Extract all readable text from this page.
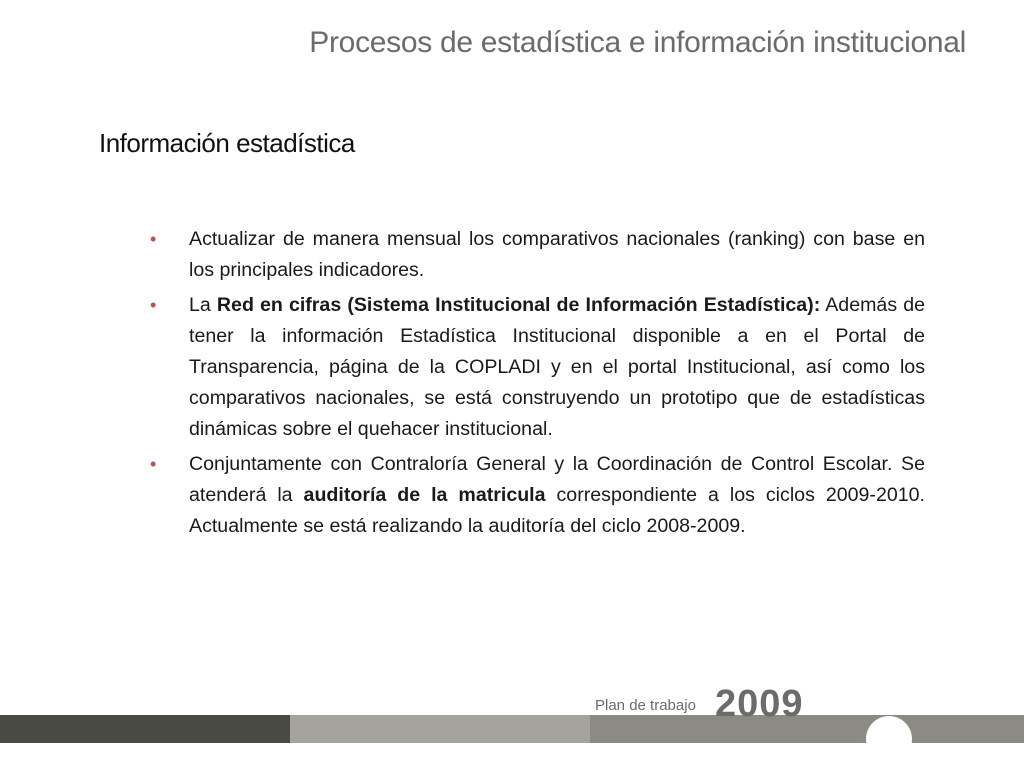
Procesos de estadística e información institucional
Información estadística
• Actualizar de manera mensual los comparativos nacionales (ranking) con base en los principales indicadores.
• La Red en cifras (Sistema Institucional de Información Estadística): Además de tener la información Estadística Institucional disponible a en el Portal de Transparencia, página de la COPLADI y en el portal Institucional, así como los comparativos nacionales, se está construyendo un prototipo que de estadísticas dinámicas sobre el quehacer institucional.
• Conjuntamente con Contraloría General y la Coordinación de Control Escolar. Se atenderá la auditoría de la matricula correspondiente a los ciclos 2009-2010. Actualmente se está realizando la auditoría del ciclo 2008-2009.
Plan de trabajo 2009
